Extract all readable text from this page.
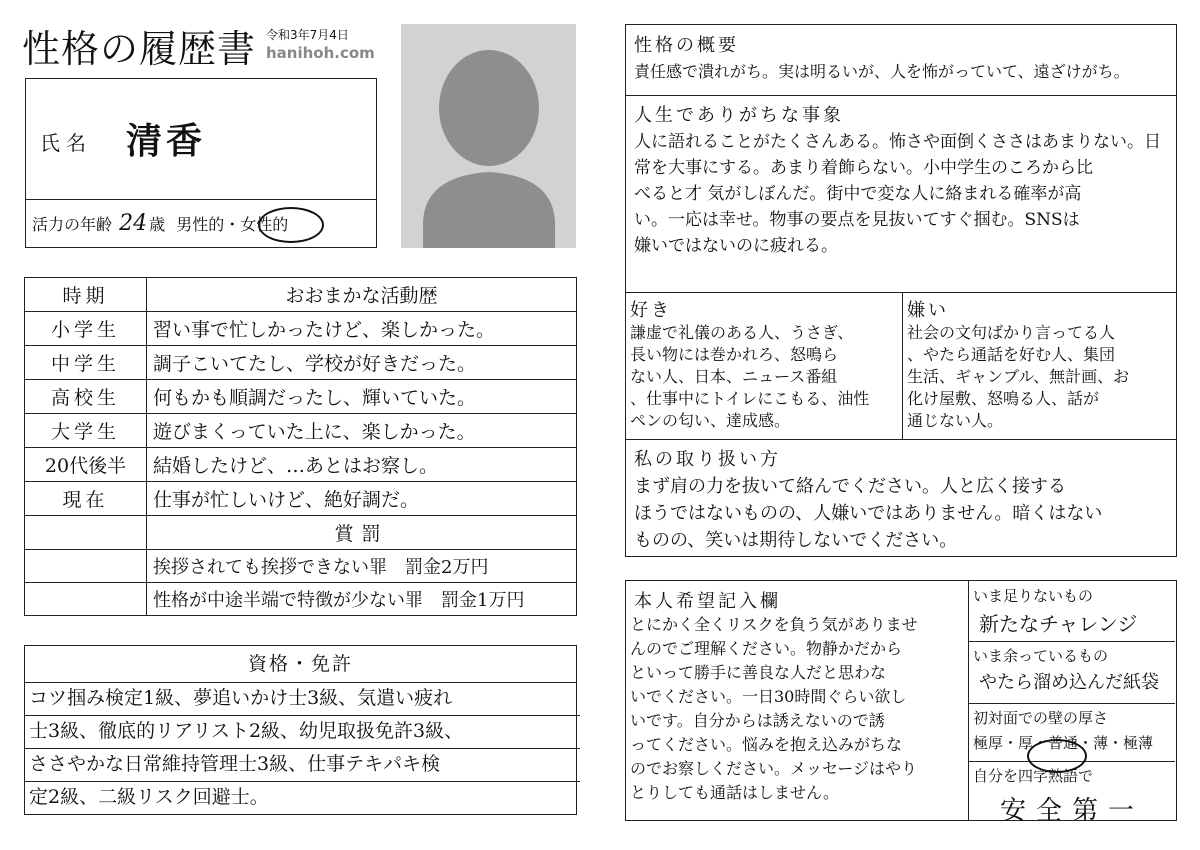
性格の履歴書 令和3年7月4日
hanihoh.com
氏名 清香
活力の年齢 24 歳 男性的・女性的
時期	おおまかな活動歴
小学生	習い事で忙しかったけど、楽しかった。
中学生	調子こいてたし、学校が好きだった。
高校生	何もかも順調だったし、輝いていた。
大学生	遊びまくっていた上に、楽しかった。
20代後半	結婚したけど、…あとはお察し。
現在	仕事が忙しいけど、絶好調だ。
	賞罰
	挨拶されても挨拶できない罪　罰金2万円
	性格が中途半端で特徴が少ない罪　罰金1万円
資格・免許
コツ掴み検定1級、夢追いかけ士3級、気遣い疲れ
士3級、徹底的リアリスト2級、幼児取扱免許3級、
ささやかな日常維持管理士3級、仕事テキパキ検
定2級、二級リスク回避士。
性格の概要
責任感で潰れがち。実は明るいが、人を怖がっていて、遠ざけがち。
人生でありがちな事象
人に語れることがたくさんある。怖さや面倒くささはあまりない。日
常を大事にする。あまり着飾らない。小中学生のころから比
べると才 気がしぼんだ。街中で変な人に絡まれる確率が高
い。一応は幸せ。物事の要点を見抜いてすぐ掴む。SNSは
嫌いではないのに疲れる。
好き
謙虚で礼儀のある人、うさぎ、
長い物には巻かれろ、怒鳴ら
ない人、日本、ニュース番組
、仕事中にトイレにこもる、油性
ペンの匂い、達成感。
嫌い
社会の文句ばかり言ってる人
、やたら通話を好む人、集団
生活、ギャンブル、無計画、お
化け屋敷、怒鳴る人、話が
通じない人。
私の取り扱い方
まず肩の力を抜いて絡んでください。人と広く接する
ほうではないものの、人嫌いではありません。暗くはない
ものの、笑いは期待しないでください。
本人希望記入欄
とにかく全くリスクを負う気がありませ
んのでご理解ください。物静かだから
といって勝手に善良な人だと思わな
いでください。一日30時間ぐらい欲し
いです。自分からは誘えないので誘
ってください。悩みを抱え込みがちな
のでお察しください。メッセージはやり
とりしても通話はしません。
いま足りないもの
新たなチャレンジ
いま余っているもの
やたら溜め込んだ紙袋
初対面での壁の厚さ
極厚・厚・普通・薄・極薄
自分を四字熟語で
安全第一
